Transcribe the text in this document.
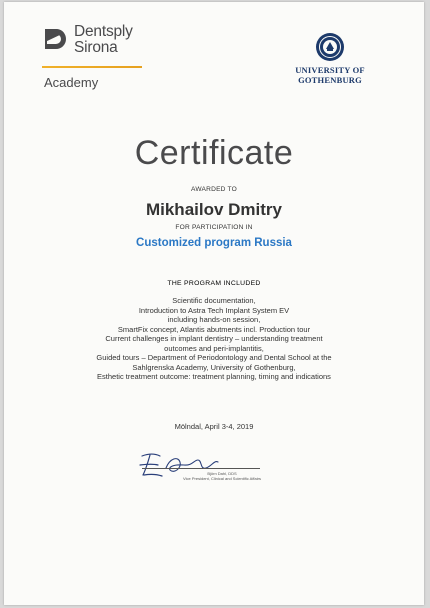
Dentsply
Sirona
Academy
UNIVERSITY OF
GOTHENBURG
Certificate
AWARDED TO
Mikhailov Dmitry
FOR PARTICIPATION IN
Customized program Russia
THE PROGRAM INCLUDED
Scientific documentation,
Introduction to Astra Tech Implant System EV
including hands-on session,
SmartFix concept, Atlantis abutments incl. Production tour
Current challenges in implant dentistry – understanding treatment
outcomes and peri-implantitis,
Guided tours – Department of Periodontology and Dental School at the
Sahlgrenska Academy, University of Gothenburg,
Esthetic treatment outcome: treatment planning, timing and indications
Mölndal, April 3-4, 2019
Björn Dahl, DDS
Vice President, Clinical and Scientific Affairs
